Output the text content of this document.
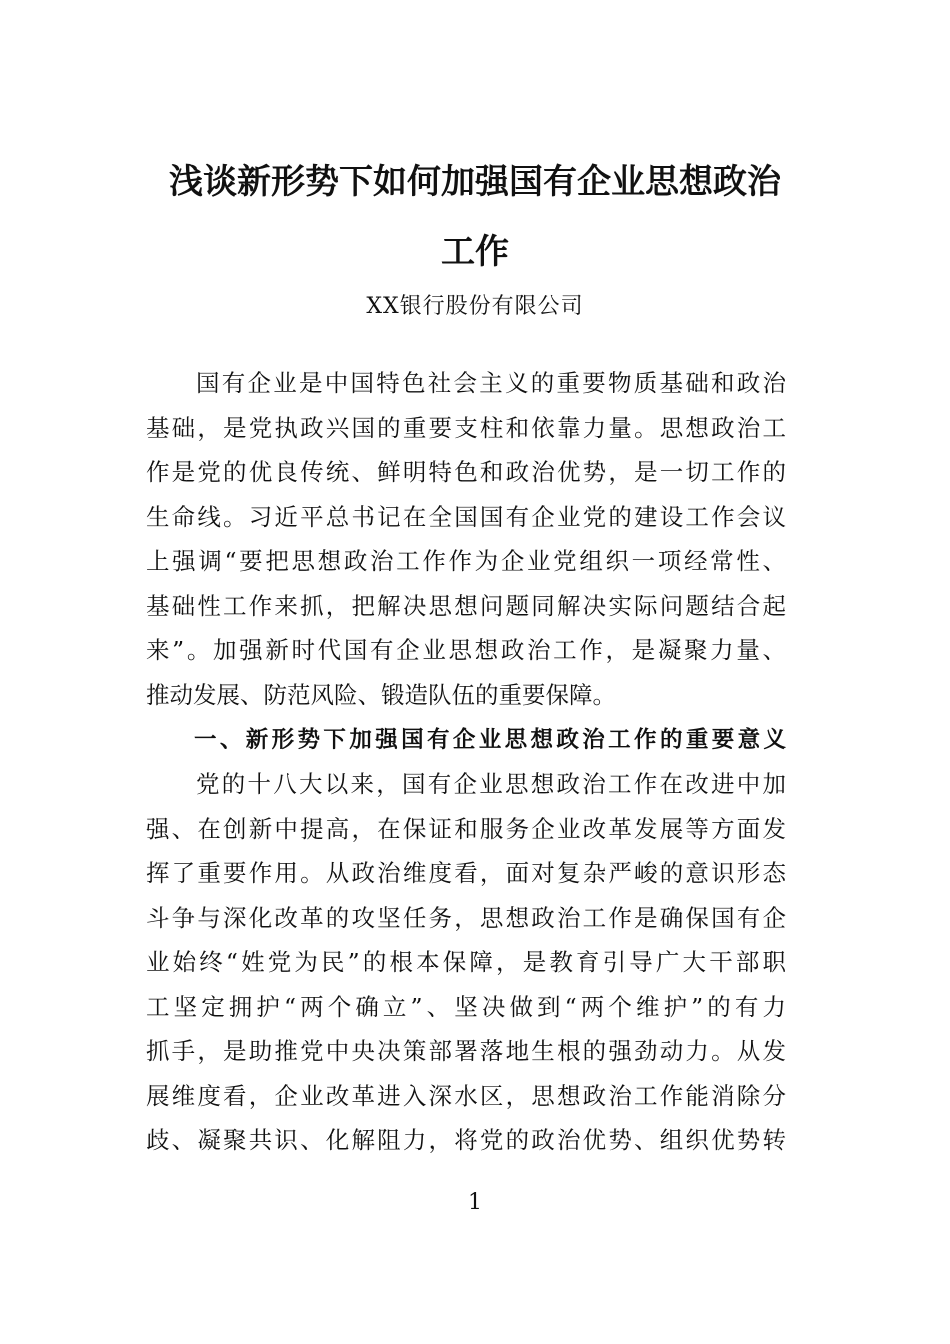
浅谈新形势下如何加强国有企业思想政治
工作
XX银行股份有限公司
国有企业是中国特色社会主义的重要物质基础和政治
基础，是党执政兴国的重要支柱和依靠力量。思想政治工
作是党的优良传统、鲜明特色和政治优势，是一切工作的
生命线。习近平总书记在全国国有企业党的建设工作会议
上强调“要把思想政治工作作为企业党组织一项经常性、
基础性工作来抓，把解决思想问题同解决实际问题结合起
来”。加强新时代国有企业思想政治工作，是凝聚力量、
推动发展、防范风险、锻造队伍的重要保障。
一、新形势下加强国有企业思想政治工作的重要意义
党的十八大以来，国有企业思想政治工作在改进中加
强、在创新中提高，在保证和服务企业改革发展等方面发
挥了重要作用。从政治维度看，面对复杂严峻的意识形态
斗争与深化改革的攻坚任务，思想政治工作是确保国有企
业始终“姓党为民”的根本保障，是教育引导广大干部职
工坚定拥护“两个确立”、坚决做到“两个维护”的有力
抓手，是助推党中央决策部署落地生根的强劲动力。从发
展维度看，企业改革进入深水区，思想政治工作能消除分
歧、凝聚共识、化解阻力，将党的政治优势、组织优势转
1
